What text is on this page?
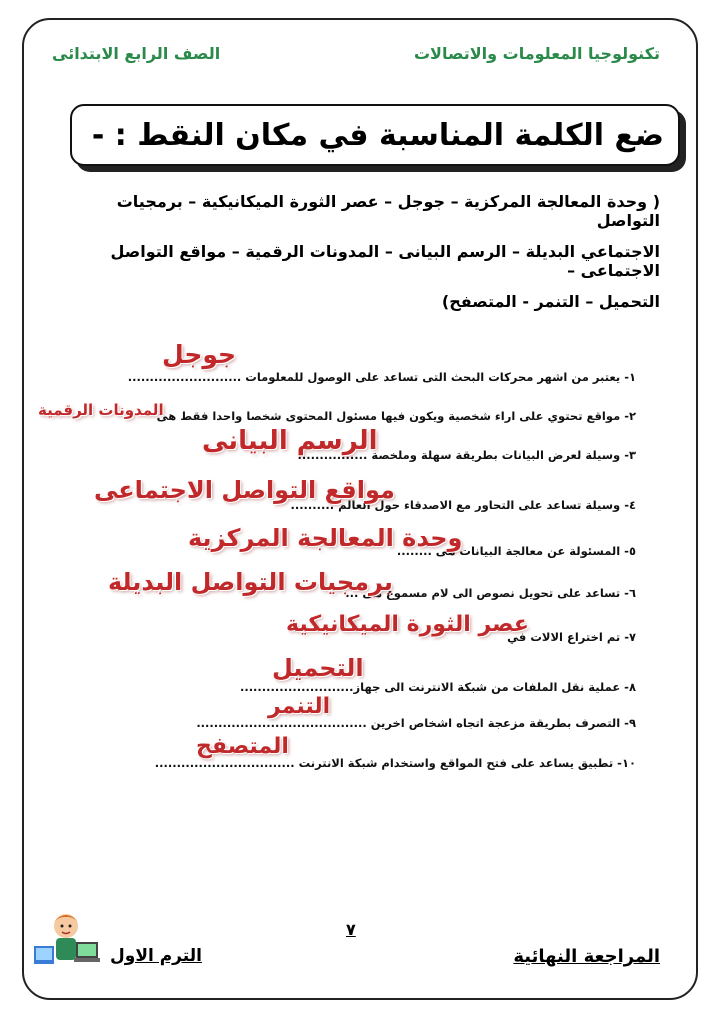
تكنولوجيا المعلومات والاتصالات
الصف الرابع الابتدائى
ضع الكلمة المناسبة في مكان النقط : -
( وحدة المعالجة المركزية – جوجل – عصر الثورة الميكانيكية – برمجيات التواصل
الاجتماعي البديلة – الرسم البيانى – المدونات الرقمية – مواقع التواصل الاجتماعى –
التحميل – التنمر - المتصفح)
١- يعتبر من اشهر محركات البحث التى تساعد على الوصول للمعلومات ..........................
جوجل
٢- مواقع تحتوي على اراء شخصية ويكون فيها مسئول المحتوى شخصا واحدا فقط هى
المدونات الرقمية
٣- وسيلة لعرض البيانات بطريقة سهلة وملخصة ................
الرسم البيانى
٤- وسيلة تساعد على التحاور مع الاصدقاء حول العالم ..........
مواقع التواصل الاجتماعى
٥- المسئولة عن معالجة البيانات هى ........
وحدة المعالجة المركزية
٦- تساعد على تحويل نصوص الى لام مسموع هى ...
برمجيات التواصل البديلة
٧- تم اختراع الالات في
عصر الثورة الميكانيكية
٨- عملية نقل الملفات من شبكة الانترنت الى جهاز..........................
التحميل
٩- التصرف بطريقة مزعجة اتجاه اشخاص اخرين .......................................
التنمر
١٠- تطبيق يساعد على فتح المواقع واستخدام شبكة الانترنت ................................
المتصفح
٧
الترم الاول	المراجعة النهائية
